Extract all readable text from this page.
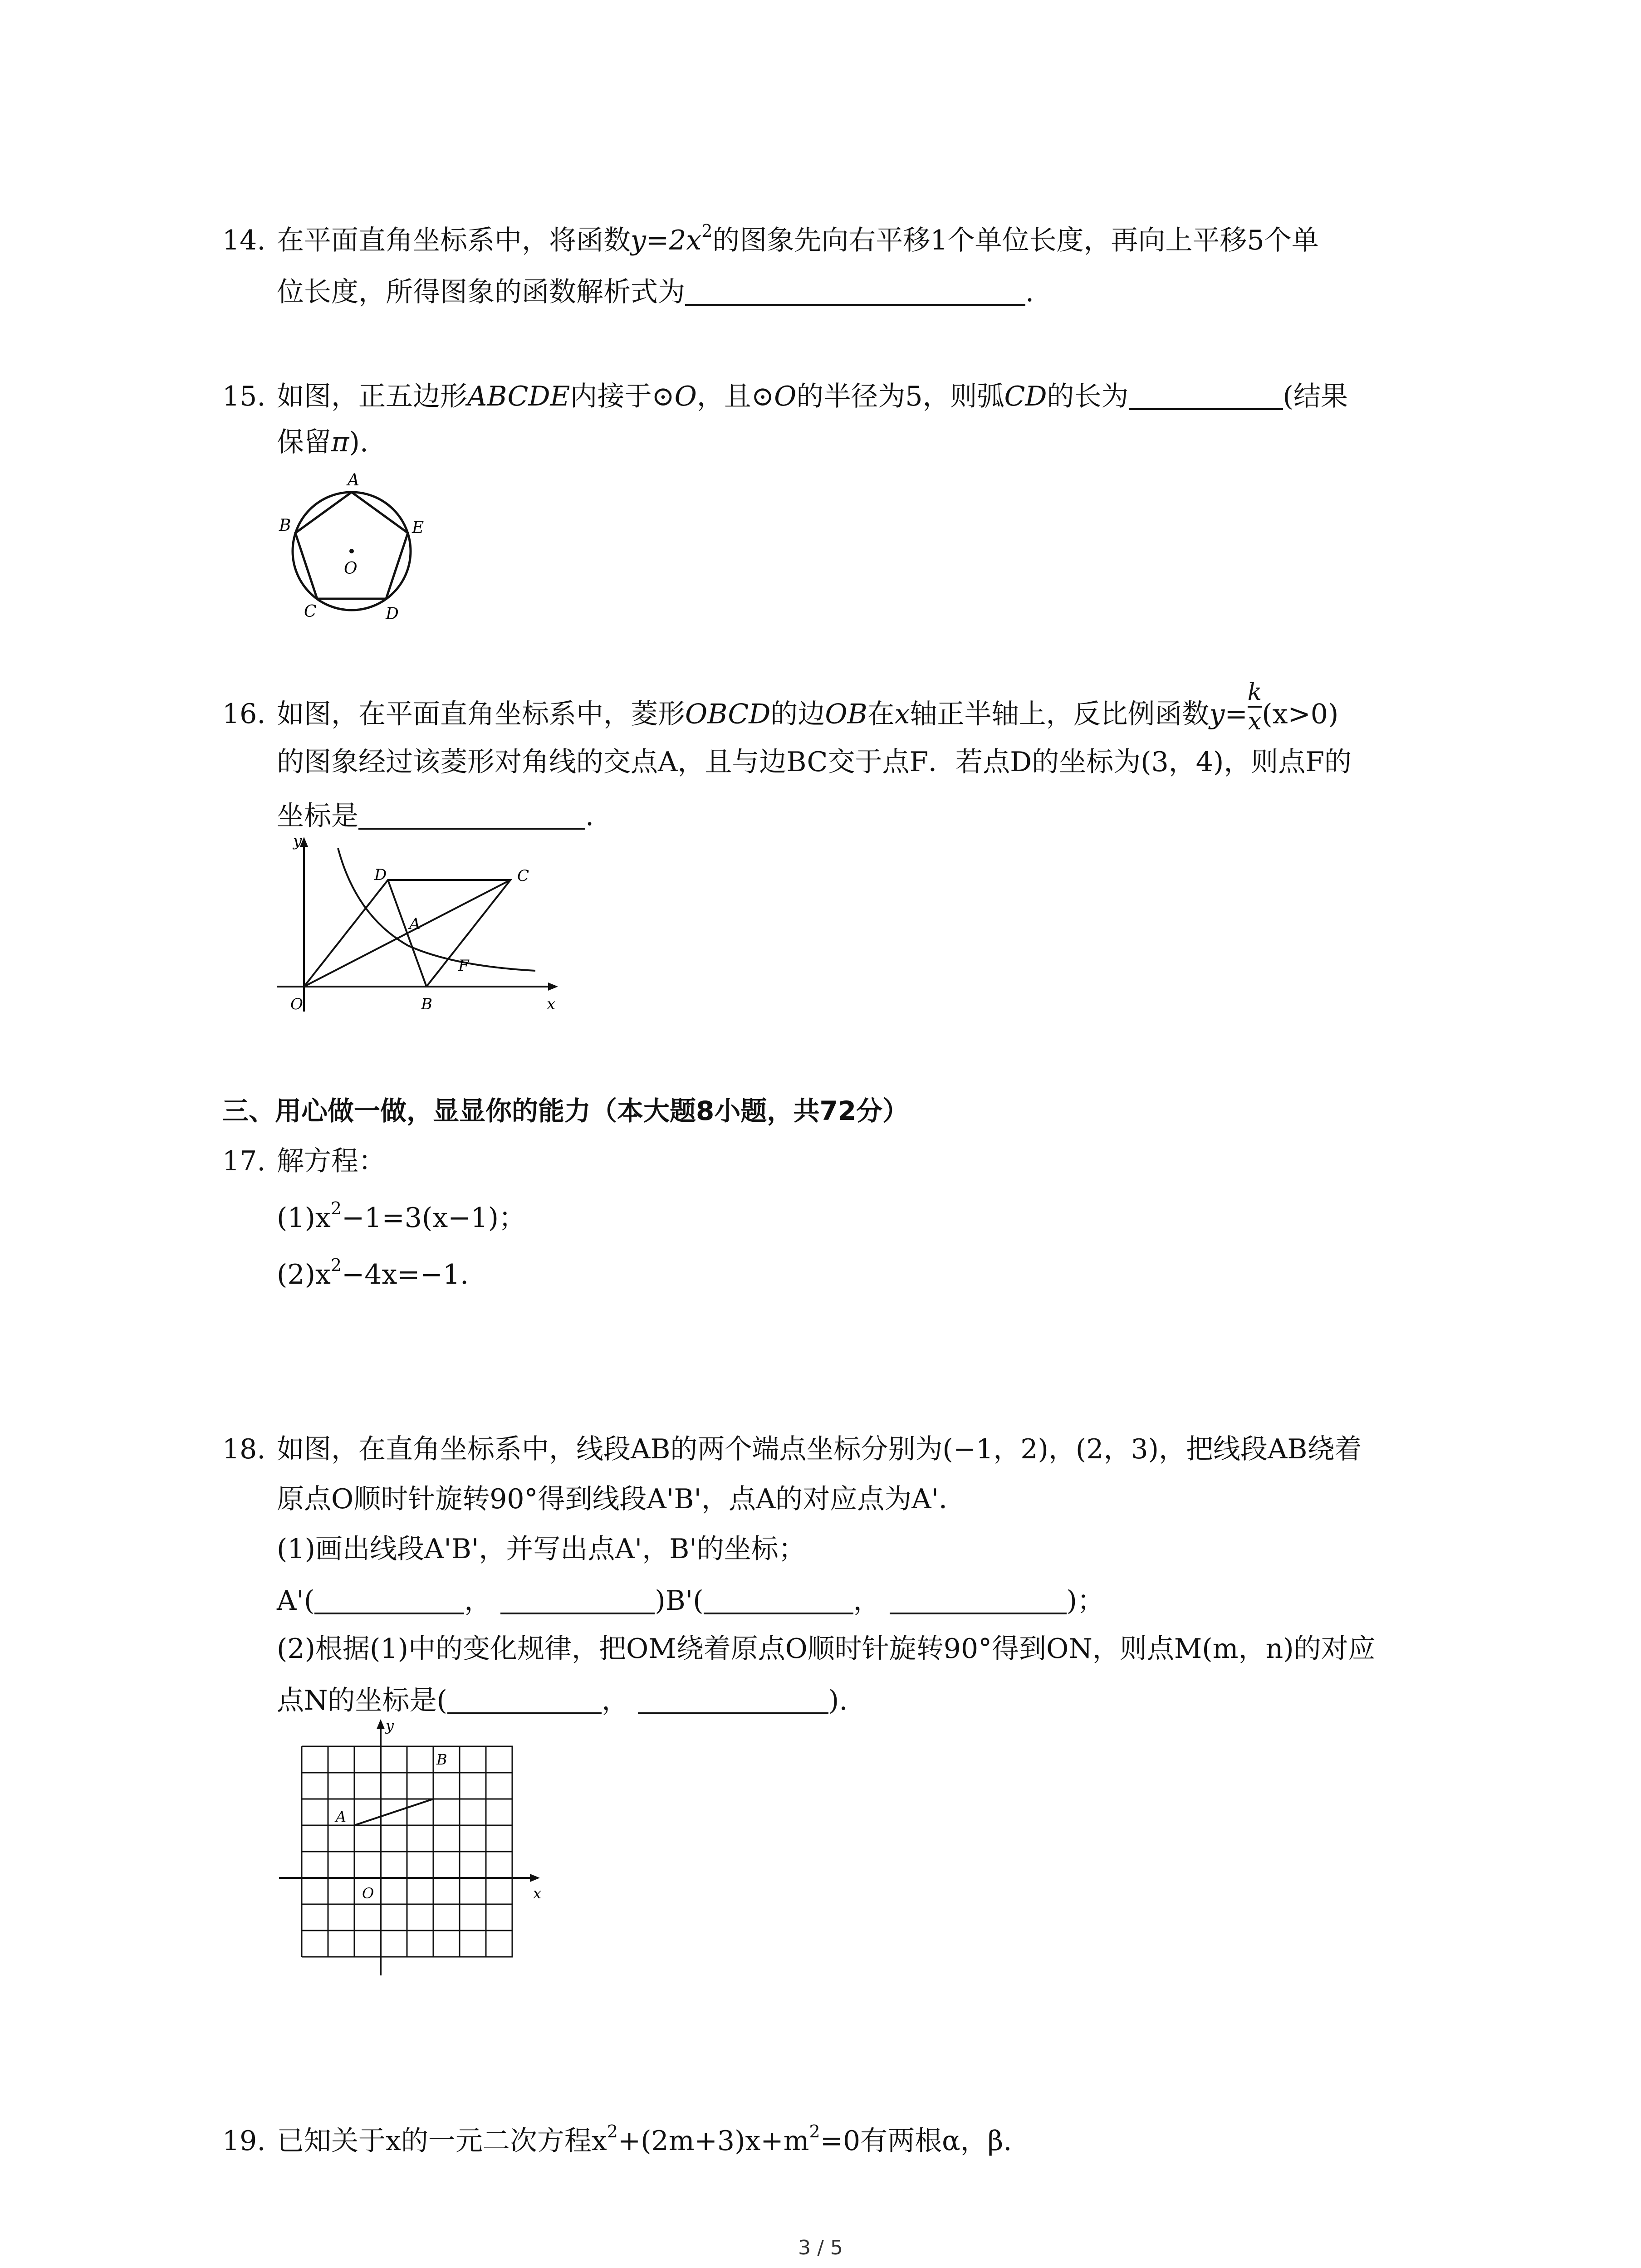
14. 在平面直角坐标系中，将函数$y=2x^2$的图象先向右平移1个单位长度，再向上平移5个单
位长度，所得图象的函数解析式为	.
15. 如图，正五边形ABCDE内接于⊙O，且⊙O的半径为5，则弧CD的长为	(结果
保留π).
A
B	E
C	D
O
16. 如图，在平面直角坐标系中，菱形OBCD的边OB在x轴正半轴上，反比例函数$y= \frac{k}{x} (x>0)$
的图象经过该菱形对角线的交点A，且与边BC交于点F．若点D的坐标为(3，4)，则点F的
坐标是	.
y
x
O	B
D	C
A
F
三、用心做一做，显显你的能力（本大题8小题，共72分）
17. 解方程：
$(1)x^2-1=3(x-1)$；
$(2)x^2-4x=-1$.
18. 如图，在直角坐标系中，线段AB的两个端点坐标分别为(−1，2)，(2，3)，把线段AB绕着
原点O顺时针旋转90°得到线段A'B'，点A的对应点为A'．
(1)画出线段A'B'，并写出点A'，B'的坐标；
A'(	，	)B'(	，	)；
(2)根据(1)中的变化规律，把OM绕着原点O顺时针旋转90°得到ON，则点M(m，n)的对应
点N的坐标是(	，	).
y
x
O
A
B
19. 已知关于x的一元二次方程$x^2+(2m+3)x+m^2=0$有两根α，β.
3 / 5
